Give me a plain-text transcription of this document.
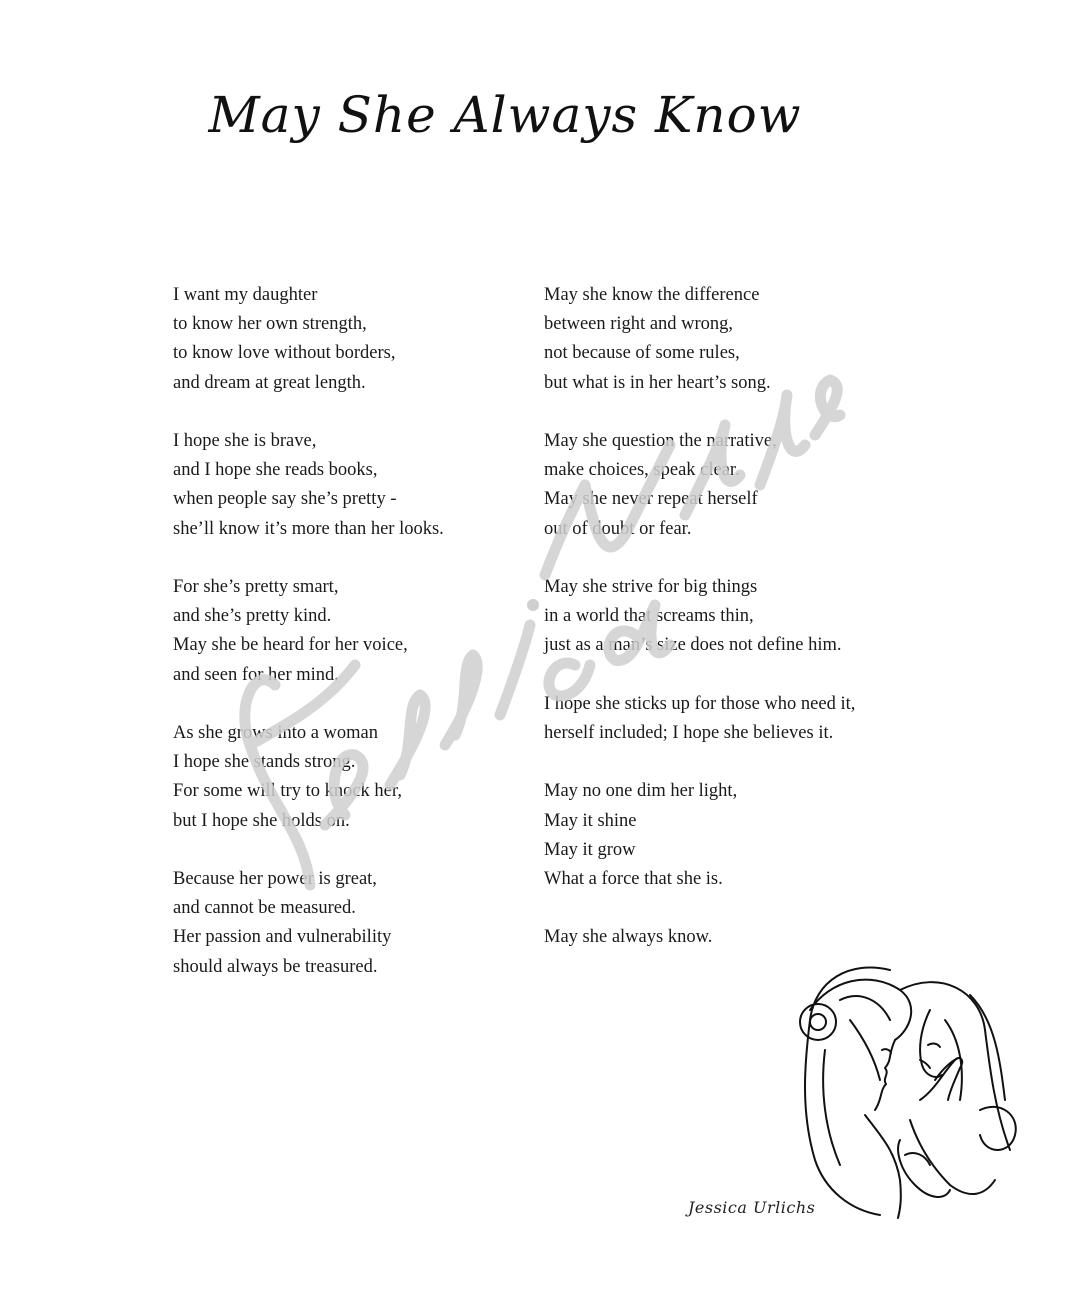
May She Always Know
I want my daughter
to know her own strength,
to know love without borders,
and dream at great length.
I hope she is brave,
and I hope she reads books,
when people say she’s pretty -
she’ll know it’s more than her looks.
For she’s pretty smart,
and she’s pretty kind.
May she be heard for her voice,
and seen for her mind.
As she grows into a woman
I hope she stands strong.
For some will try to knock her,
but I hope she holds on.
Because her power is great,
and cannot be measured.
Her passion and vulnerability
should always be treasured.
May she know the difference
between right and wrong,
not because of some rules,
but what is in her heart’s song.
May she question the narrative,
make choices, speak clear.
May she never repeat herself
out of doubt or fear.
May she strive for big things
in a world that screams thin,
just as a man’s size does not define him.
I hope she sticks up for those who need it,
herself included; I hope she believes it.
May no one dim her light,
May it shine
May it grow
What a force that she is.
May she always know.
Jessica Urlichs
